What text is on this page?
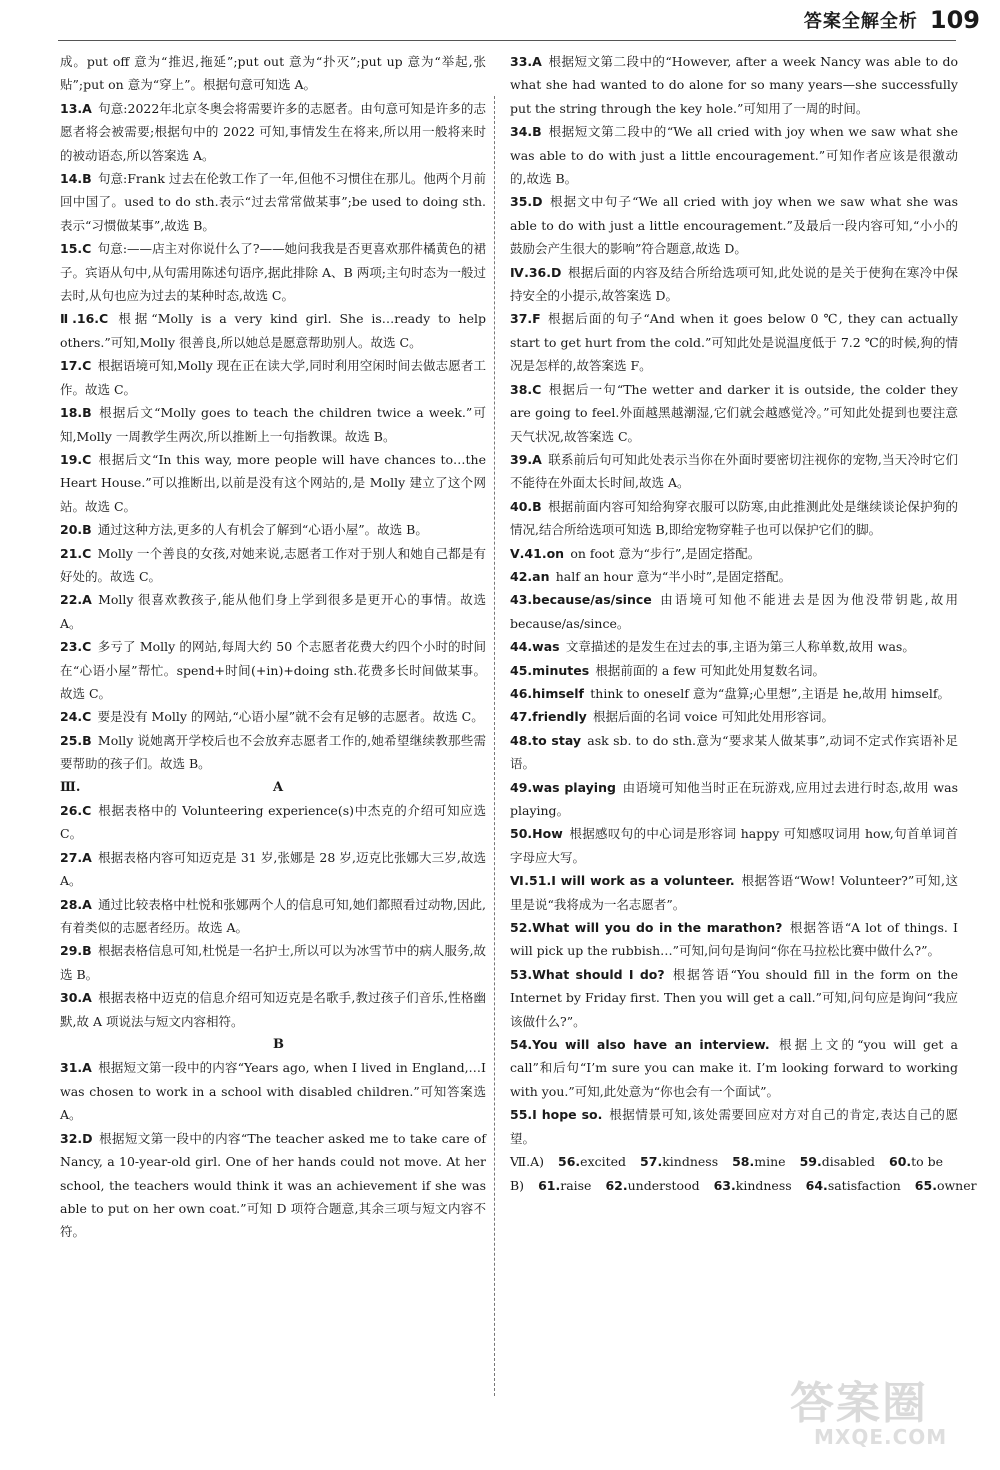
答案全解全析 109

成。put off 意为“推迟,拖延”;put out 意为“扑灭”;put up 意为“举起,张贴”;put on 意为“穿上”。根据句意可知选 A。

13.A  句意:2022年北京冬奥会将需要许多的志愿者。由句意可知是许多的志愿者将会被需要;根据句中的 2022 可知,事情发生在将来,所以用一般将来时的被动语态,所以答案选 A。

14.B  句意:Frank 过去在伦敦工作了一年,但他不习惯住在那儿。他两个月前回中国了。used to do sth.表示“过去常常做某事”;be used to doing sth.表示“习惯做某事”,故选 B。

15.C  句意:——店主对你说什么了?——她问我我是否更喜欢那件橘黄色的裙子。宾语从句中,从句需用陈述句语序,据此排除 A、B 两项;主句时态为一般过去时,从句也应为过去的某种时态,故选 C。

Ⅱ.16.C  根据“Molly is a very kind girl. She is…ready to help others.”可知,Molly 很善良,所以她总是愿意帮助别人。故选 C。

17.C  根据语境可知,Molly 现在正在读大学,同时利用空闲时间去做志愿者工作。故选 C。

18.B  根据后文“Molly goes to teach the children twice a week.”可知,Molly 一周教学生两次,所以推断上一句指教课。故选 B。

19.C  根据后文“In this way, more people will have chances to…the Heart House.”可以推断出,以前是没有这个网站的,是 Molly 建立了这个网站。故选 C。

20.B  通过这种方法,更多的人有机会了解到“心语小屋”。故选 B。

21.C  Molly 一个善良的女孩,对她来说,志愿者工作对于别人和她自己都是有好处的。故选 C。

22.A  Molly 很喜欢教孩子,能从他们身上学到很多是更开心的事情。故选 A。

23.C  多亏了 Molly 的网站,每周大约 50 个志愿者花费大约四个小时的时间在“心语小屋”帮忙。spend+时间(+in)+doing sth.花费多长时间做某事。故选 C。

24.C  要是没有 Molly 的网站,“心语小屋”就不会有足够的志愿者。故选 C。

25.B  Molly 说她离开学校后也不会放弃志愿者工作的,她希望继续教那些需要帮助的孩子们。故选 B。

Ⅲ.	A

26.C  根据表格中的 Volunteering experience(s)中杰克的介绍可知应选 C。

27.A  根据表格内容可知迈克是 31 岁,张娜是 28 岁,迈克比张娜大三岁,故选 A。

28.A  通过比较表格中杜悦和张娜两个人的信息可知,她们都照看过动物,因此,有着类似的志愿者经历。故选 A。

29.B  根据表格信息可知,杜悦是一名护士,所以可以为冰雪节中的病人服务,故选 B。

30.A  根据表格中迈克的信息介绍可知迈克是名歌手,教过孩子们音乐,性格幽默,故 A 项说法与短文内容相符。

B

31.A  根据短文第一段中的内容“Years ago, when I lived in England,…I was chosen to work in a school with disabled children.”可知答案选 A。

32.D  根据短文第一段中的内容“The teacher asked me to take care of Nancy, a 10-year-old girl. One of her hands could not move. At her school, the teachers would think it was an achievement if she was able to put on her own coat.”可知 D 项符合题意,其余三项与短文内容不符。

33.A  根据短文第二段中的“However, after a week Nancy was able to do what she had wanted to do alone for so many years—she successfully put the string through the key hole.”可知用了一周的时间。

34.B  根据短文第二段中的“We all cried with joy when we saw what she was able to do with just a little encouragement.”可知作者应该是很激动的,故选 B。

35.D  根据文中句子“We all cried with joy when we saw what she was able to do with just a little encouragement.”及最后一段内容可知,“小小的鼓励会产生很大的影响”符合题意,故选 D。

Ⅳ.36.D  根据后面的内容及结合所给选项可知,此处说的是关于使狗在寒冷中保持安全的小提示,故答案选 D。

37.F  根据后面的句子“And when it goes below 0 ℃, they can actually start to get hurt from the cold.”可知此处是说温度低于 7.2 ℃的时候,狗的情况是怎样的,故答案选 F。

38.C  根据后一句“The wetter and darker it is outside, the colder they are going to feel.外面越黑越潮湿,它们就会越感觉冷。”可知此处提到也要注意天气状况,故答案选 C。

39.A  联系前后句可知此处表示当你在外面时要密切注视你的宠物,当天冷时它们不能待在外面太长时间,故选 A。

40.B  根据前面内容可知给狗穿衣服可以防寒,由此推测此处是继续谈论保护狗的情况,结合所给选项可知选 B,即给宠物穿鞋子也可以保护它们的脚。

Ⅴ.41.on  on foot 意为“步行”,是固定搭配。

42.an  half an hour 意为“半小时”,是固定搭配。

43.because/as/since  由语境可知他不能进去是因为他没带钥匙,故用 because/as/since。

44.was  文章描述的是发生在过去的事,主语为第三人称单数,故用 was。

45.minutes  根据前面的 a few 可知此处用复数名词。

46.himself  think to oneself 意为“盘算;心里想”,主语是 he,故用 himself。

47.friendly  根据后面的名词 voice 可知此处用形容词。

48.to stay  ask sb. to do sth.意为“要求某人做某事”,动词不定式作宾语补足语。

49.was playing  由语境可知他当时正在玩游戏,应用过去进行时态,故用 was playing。

50.How  根据感叹句的中心词是形容词 happy 可知感叹词用 how,句首单词首字母应大写。

Ⅵ.51.I will work as a volunteer.  根据答语“Wow! Volunteer?”可知,这里是说“我将成为一名志愿者”。

52.What will you do in the marathon?  根据答语“A lot of things. I will pick up the rubbish…”可知,问句是询问“你在马拉松比赛中做什么?”。

53.What should I do?  根据答语“You should fill in the form on the Internet by Friday first. Then you will get a call.”可知,问句应是询问“我应该做什么?”。

54.You will also have an interview.  根据上文的“you will get a call”和后句“I’m sure you can make it. I’m looking forward to working with you.”可知,此处意为“你也会有一个面试”。

55.I hope so.  根据情景可知,该处需要回应对方对自己的肯定,表达自己的愿望。

Ⅶ.A) 56.excited 57.kindness 58.mine 59.disabled 60.to be
B) 61.raise 62.understood 63.kindness 64.satisfaction 65.owner
答案圈
MXQE.COM
